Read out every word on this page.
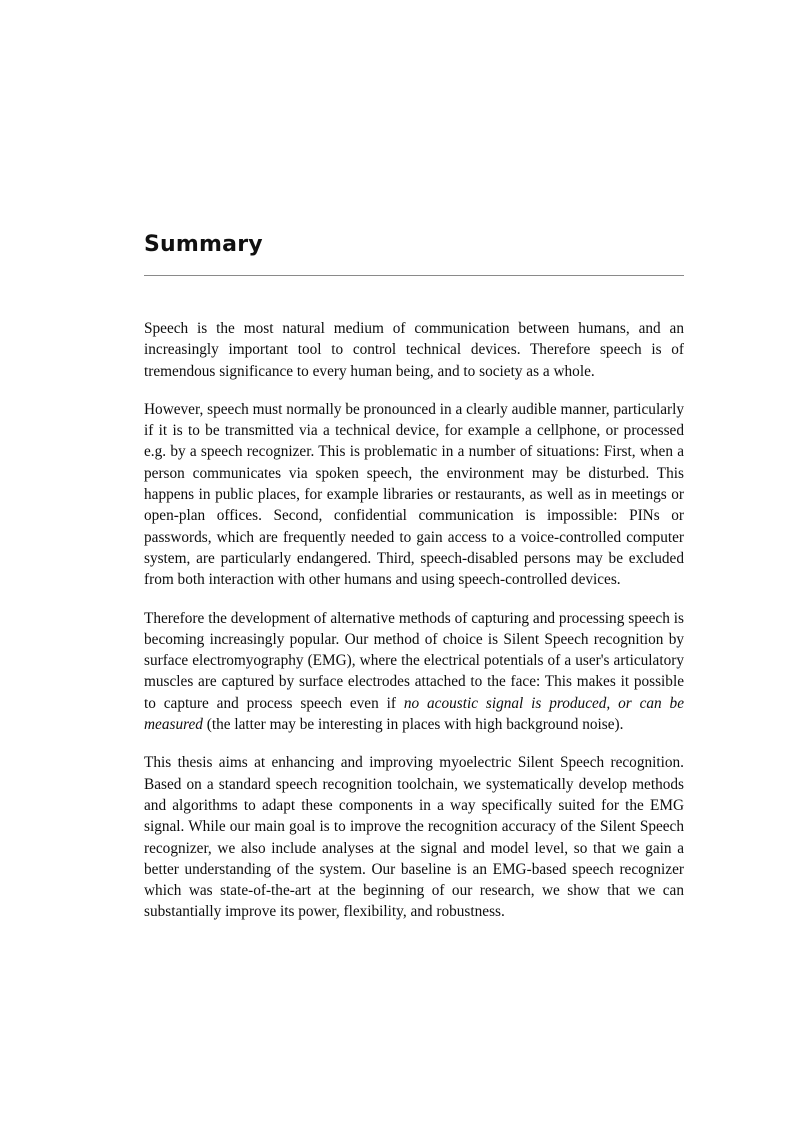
Summary

Speech is the most natural medium of communication between humans, and an increasingly important tool to control technical devices. Therefore speech is of tremendous significance to every human being, and to society as a whole.

However, speech must normally be pronounced in a clearly audible manner, particularly if it is to be transmitted via a technical device, for example a cellphone, or processed e.g. by a speech recognizer. This is problematic in a number of situations: First, when a person communicates via spoken speech, the environment may be disturbed. This happens in public places, for example libraries or restaurants, as well as in meetings or open-plan offices. Second, confidential communication is impossible: PINs or passwords, which are frequently needed to gain access to a voice-controlled computer system, are particularly endangered. Third, speech-disabled persons may be excluded from both interaction with other humans and using speech-controlled devices.

Therefore the development of alternative methods of capturing and processing speech is becoming increasingly popular. Our method of choice is Silent Speech recognition by surface electromyography (EMG), where the electrical potentials of a user's articulatory muscles are captured by surface electrodes attached to the face: This makes it possible to capture and process speech even if no acoustic signal is produced, or can be measured (the latter may be interesting in places with high background noise).

This thesis aims at enhancing and improving myoelectric Silent Speech recognition. Based on a standard speech recognition toolchain, we systematically develop methods and algorithms to adapt these components in a way specifically suited for the EMG signal. While our main goal is to improve the recognition accuracy of the Silent Speech recognizer, we also include analyses at the signal and model level, so that we gain a better understanding of the system. Our baseline is an EMG-based speech recognizer which was state-of-the-art at the beginning of our research, we show that we can substantially improve its power, flexibility, and robustness.
